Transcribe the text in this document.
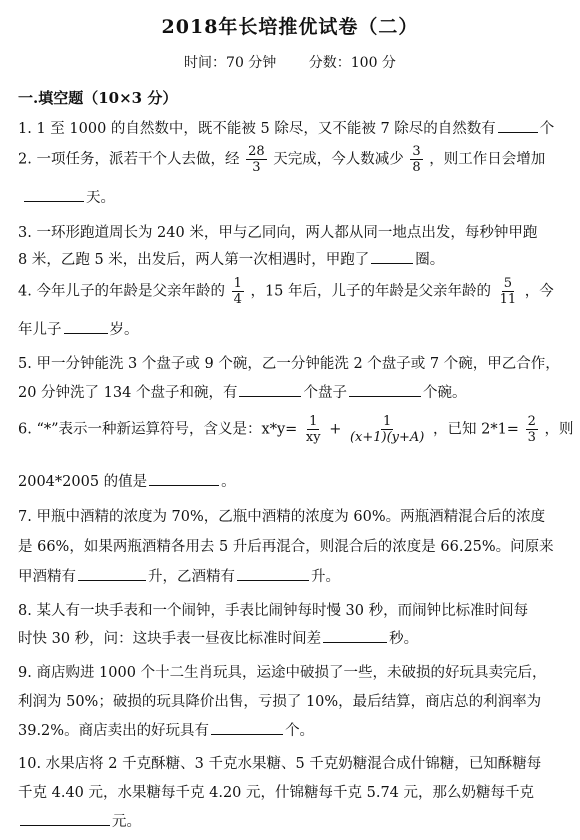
2018年长培推优试卷（二）
时间：70 分钟 分数：100 分
一.填空题（10×3 分）
1. 1 至 1000 的自然数中，既不能被 5 除尽，又不能被 7 除尽的自然数有	个
2. 一项任务，派若干个人去做，经 $\frac{28}{3}$ 天完成，今人数减少 $\frac{3}{8}$ ，则工作日会增加
天。
3. 一环形跑道周长为 240 米，甲与乙同向，两人都从同一地点出发，每秒钟甲跑
8 米，乙跑 5 米，出发后，两人第一次相遇时，甲跑了	圈。
4. 今年儿子的年龄是父亲年龄的 $\frac{1}{4}$ ，15 年后，儿子的年龄是父亲年龄的 $\frac{5}{11}$ ，今
年儿子	岁。
5. 甲一分钟能洗 3 个盘子或 9 个碗，乙一分钟能洗 2 个盘子或 7 个碗，甲乙合作，
20 分钟洗了 134 个盘子和碗，有	个盘子	个碗。
6. “*”表示一种新运算符号，含义是：$x*y= \frac{1}{xy} + \frac{1}{(x+1)(y+A)}$ ，已知 $2*1= \frac{2}{3}$ ，则
2004*2005 的值是	。
7. 甲瓶中酒精的浓度为 70%，乙瓶中酒精的浓度为 60%。两瓶酒精混合后的浓度
是 66%，如果两瓶酒精各用去 5 升后再混合，则混合后的浓度是 66.25%。问原来
甲酒精有	升，乙酒精有	升。
8. 某人有一块手表和一个闹钟，手表比闹钟每时慢 30 秒，而闹钟比标准时间每
时快 30 秒，问：这块手表一昼夜比标准时间差	秒。
9. 商店购进 1000 个十二生肖玩具，运途中破损了一些，未破损的好玩具卖完后，
利润为 50%；破损的玩具降价出售，亏损了 10%，最后结算，商店总的利润率为
39.2%。商店卖出的好玩具有	个。
10. 水果店将 2 千克酥糖、3 千克水果糖、5 千克奶糖混合成什锦糖，已知酥糖每
千克 4.40 元，水果糖每千克 4.20 元，什锦糖每千克 5.74 元，那么奶糖每千克
元。
